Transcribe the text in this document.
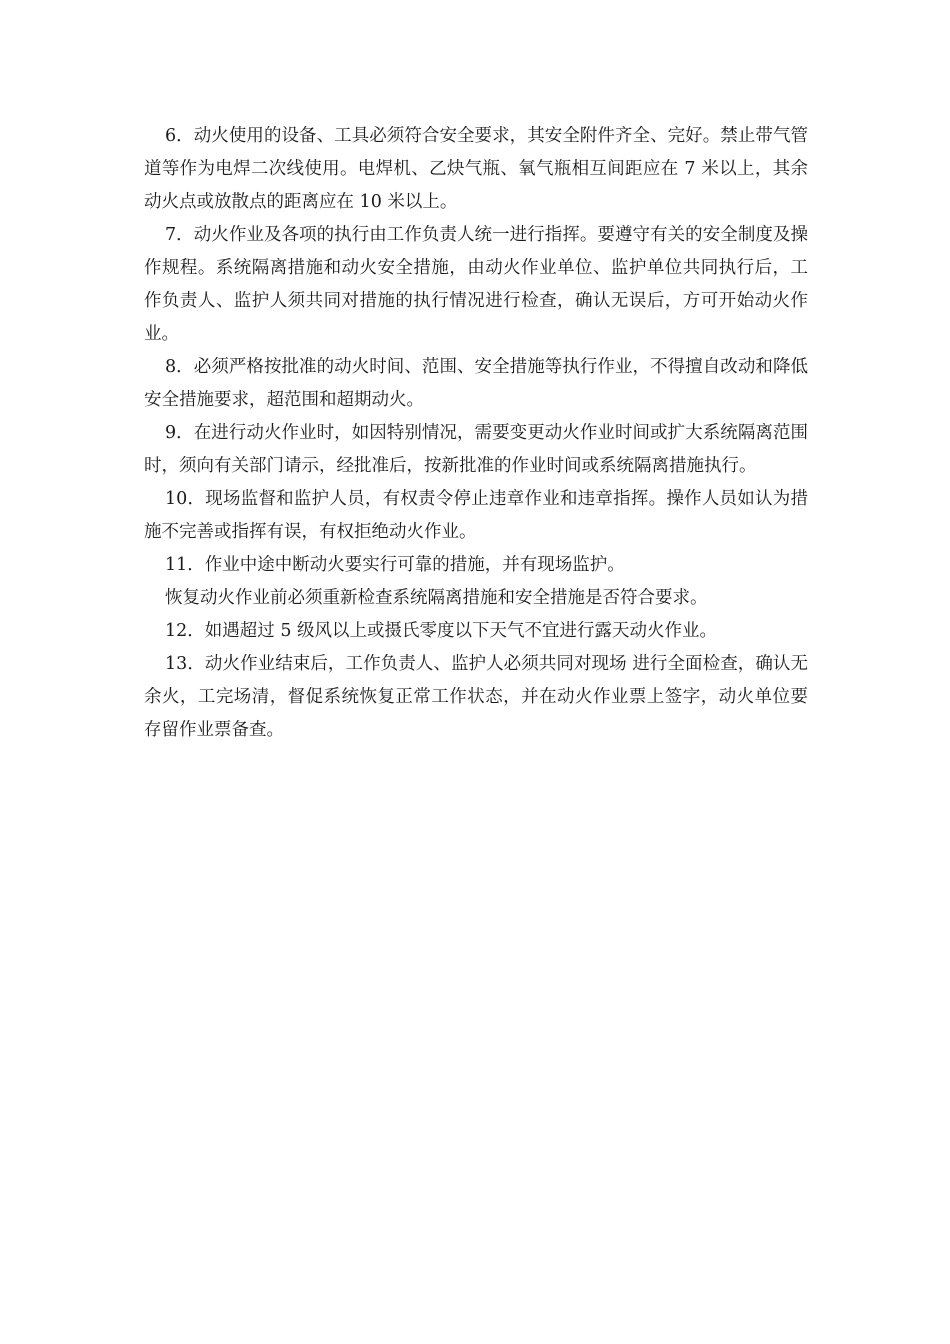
6．动火使用的设备、工具必须符合安全要求，其安全附件齐全、完好。禁止带气管道等作为电焊二次线使用。电焊机、乙炔气瓶、氧气瓶相互间距应在 7 米以上，其余动火点或放散点的距离应在 10 米以上。

7．动火作业及各项的执行由工作负责人统一进行指挥。要遵守有关的安全制度及操作规程。系统隔离措施和动火安全措施，由动火作业单位、监护单位共同执行后，工作负责人、监护人须共同对措施的执行情况进行检查，确认无误后，方可开始动火作业。

8．必须严格按批准的动火时间、范围、安全措施等执行作业，不得擅自改动和降低安全措施要求，超范围和超期动火。

9．在进行动火作业时，如因特别情况，需要变更动火作业时间或扩大系统隔离范围时，须向有关部门请示，经批准后，按新批准的作业时间或系统隔离措施执行。

10．现场监督和监护人员，有权责令停止违章作业和违章指挥。操作人员如认为措施不完善或指挥有误，有权拒绝动火作业。

11．作业中途中断动火要实行可靠的措施，并有现场监护。

恢复动火作业前必须重新检查系统隔离措施和安全措施是否符合要求。

12．如遇超过 5 级风以上或摄氏零度以下天气不宜进行露天动火作业。

13．动火作业结束后，工作负责人、监护人必须共同对现场 进行全面检查，确认无余火，工完场清，督促系统恢复正常工作状态，并在动火作业票上签字，动火单位要存留作业票备查。
